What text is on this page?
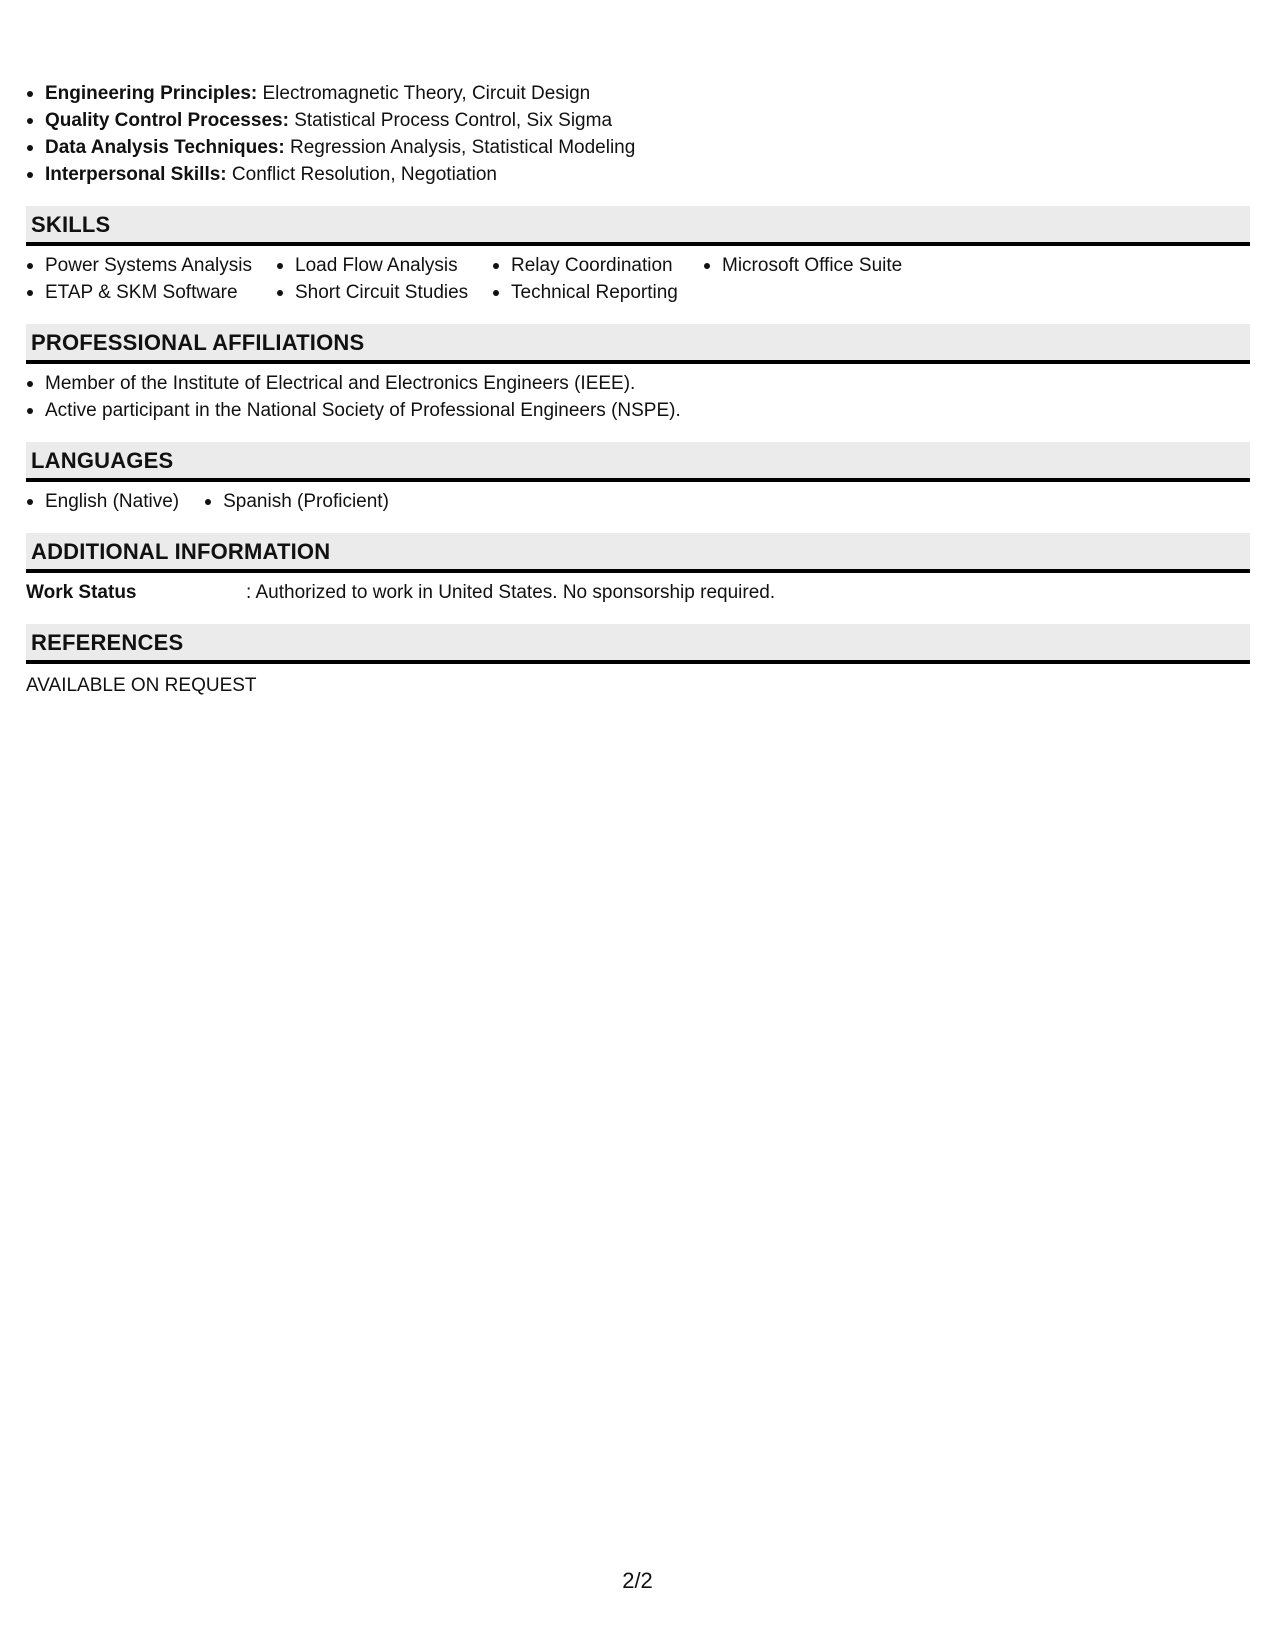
Engineering Principles: Electromagnetic Theory, Circuit Design
Quality Control Processes: Statistical Process Control, Six Sigma
Data Analysis Techniques: Regression Analysis, Statistical Modeling
Interpersonal Skills: Conflict Resolution, Negotiation
SKILLS
Power Systems Analysis	Load Flow Analysis	Relay Coordination	Microsoft Office Suite
ETAP & SKM Software	Short Circuit Studies	Technical Reporting
PROFESSIONAL AFFILIATIONS
Member of the Institute of Electrical and Electronics Engineers (IEEE).
Active participant in the National Society of Professional Engineers (NSPE).
LANGUAGES
English (Native)	Spanish (Proficient)
ADDITIONAL INFORMATION
Work Status	: Authorized to work in United States. No sponsorship required.
REFERENCES
AVAILABLE ON REQUEST
2/2
